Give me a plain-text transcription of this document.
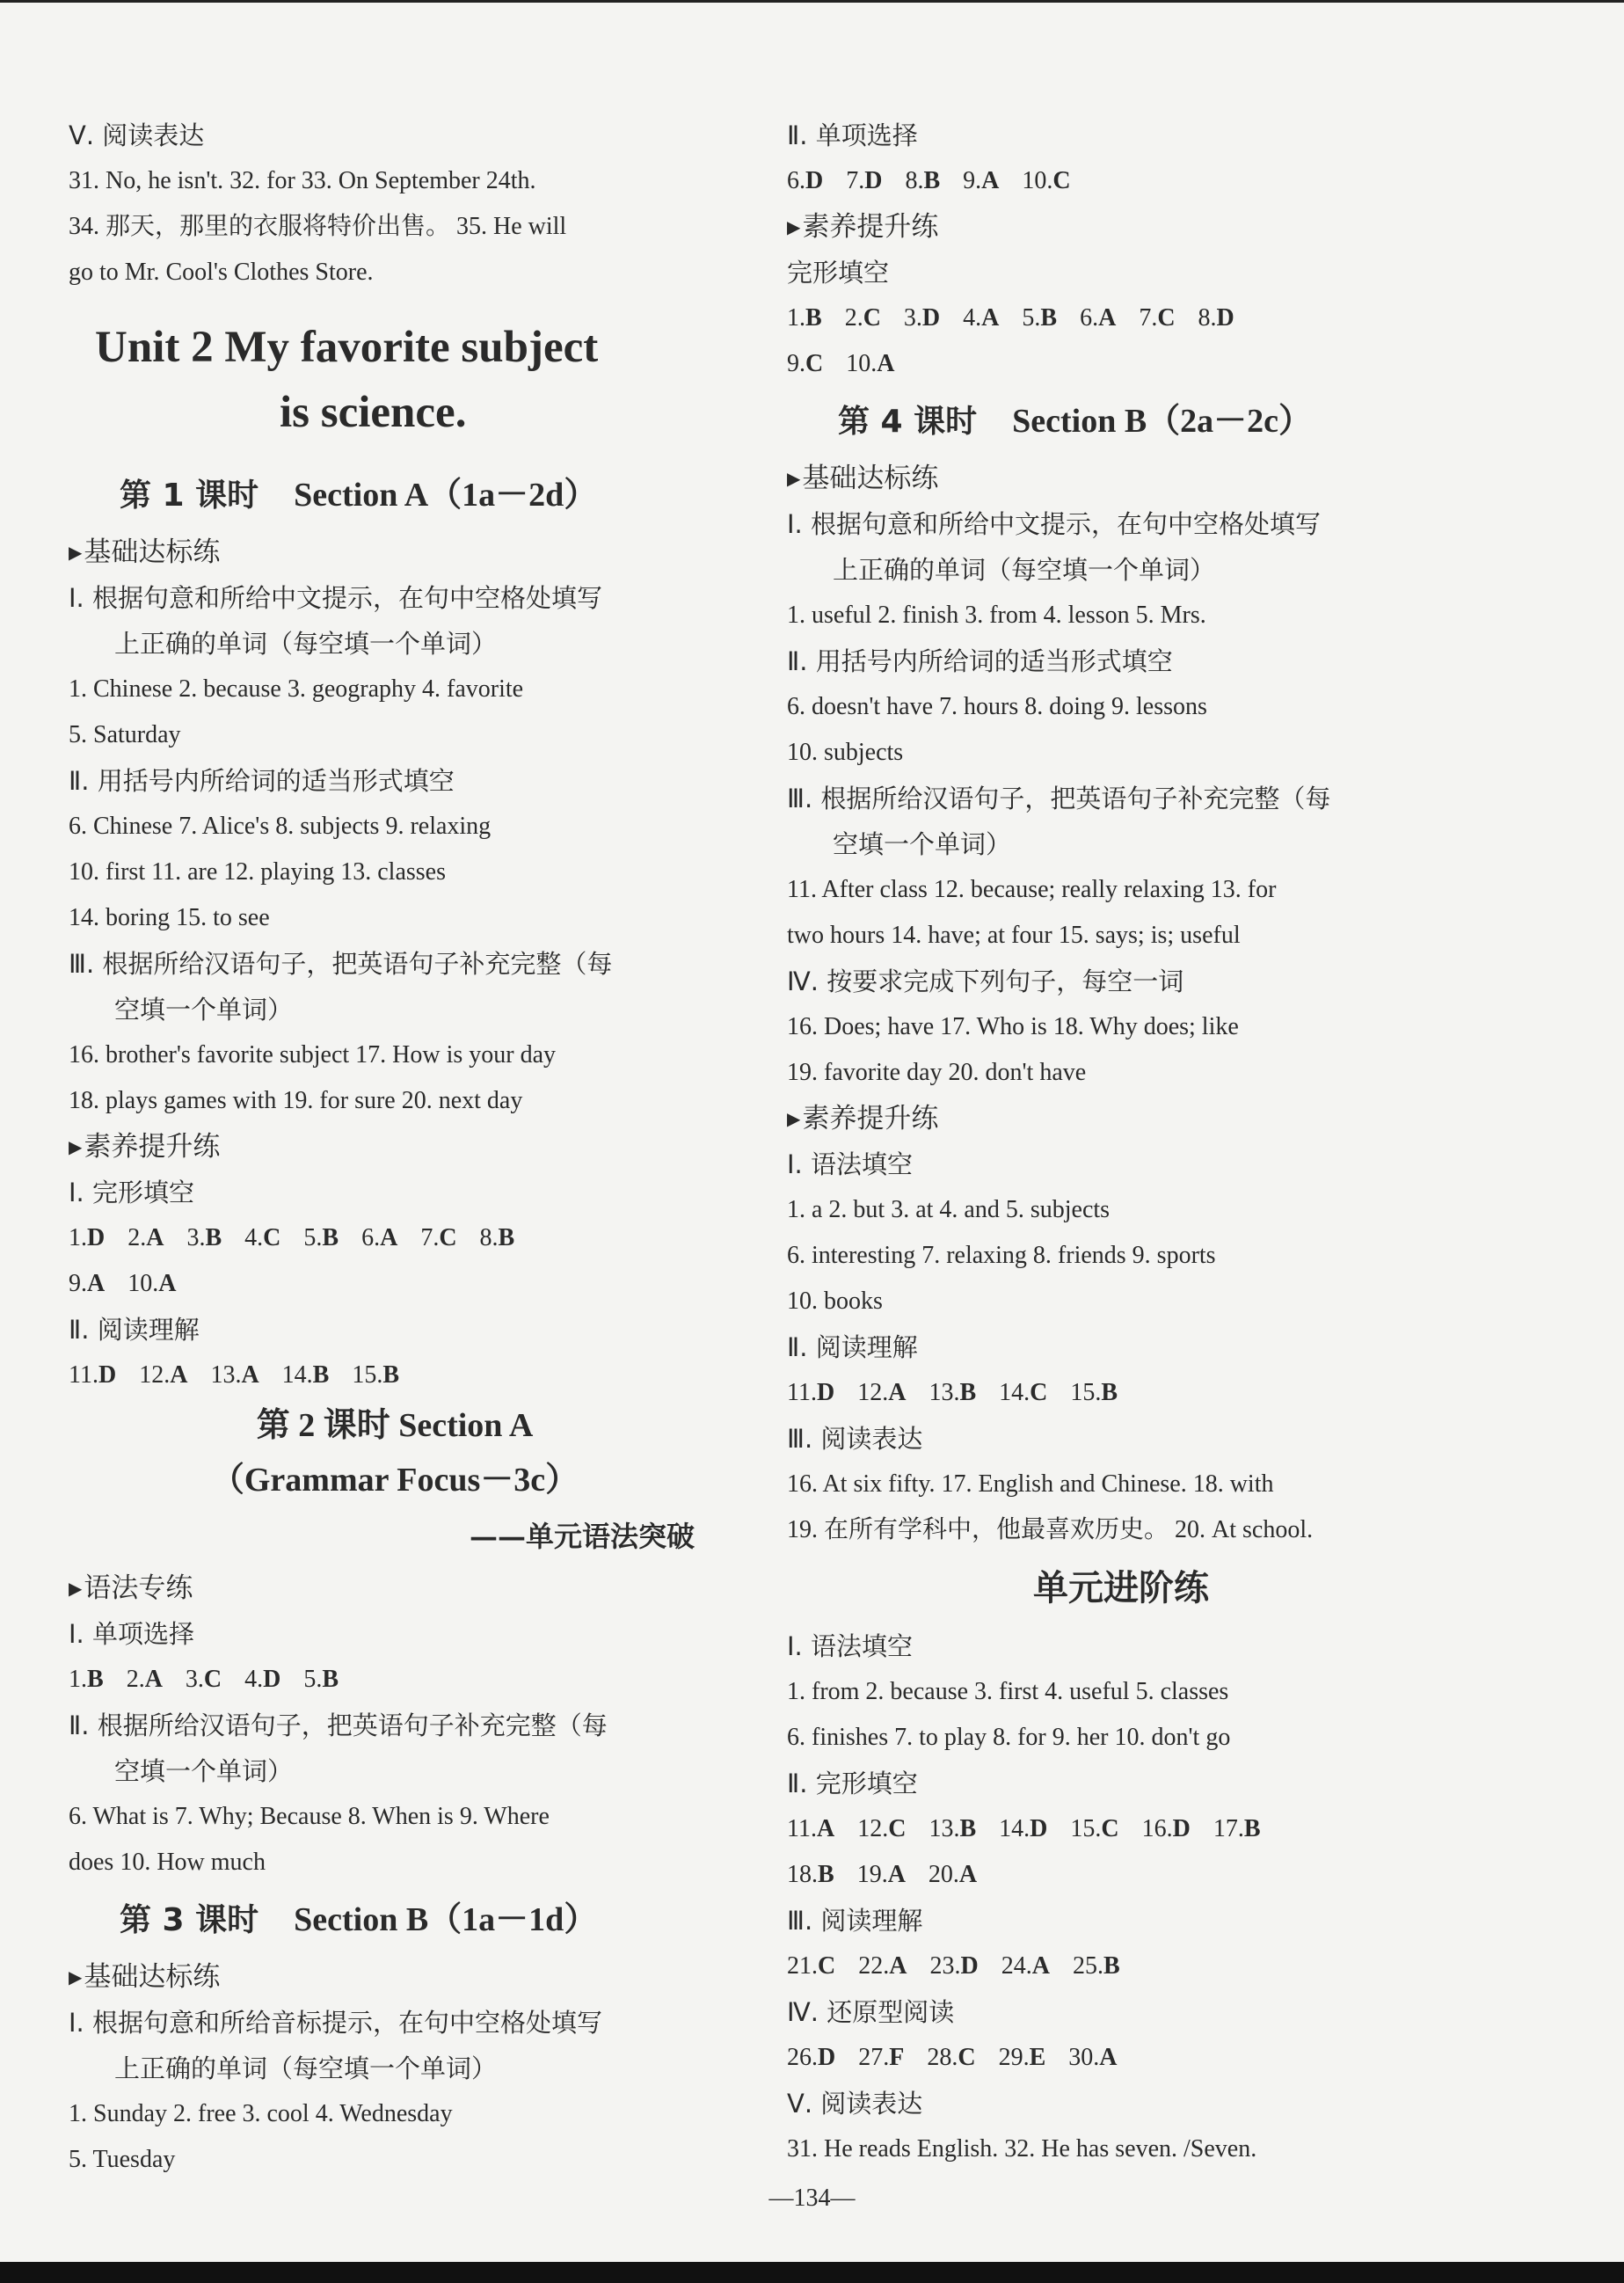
Ⅴ. 阅读表达
31. No, he isn't. 32. for 33. On September 24th.
34. 那天，那里的衣服将特价出售。 35. He will
go to Mr. Cool's Clothes Store.
Unit 2 My favorite subject
is science.
第 1 课时 Section A（1a－2d）
▶基础达标练
Ⅰ. 根据句意和所给中文提示，在句中空格处填写
上正确的单词（每空填一个单词）
1. Chinese 2. because 3. geography 4. favorite
5. Saturday
Ⅱ. 用括号内所给词的适当形式填空
6. Chinese 7. Alice's 8. subjects 9. relaxing
10. first 11. are 12. playing 13. classes
14. boring 15. to see
Ⅲ. 根据所给汉语句子，把英语句子补充完整（每
空填一个单词）
16. brother's favorite subject 17. How is your day
18. plays games with 19. for sure 20. next day
▶素养提升练
Ⅰ. 完形填空
1.D 2.A 3.B 4.C 5.B 6.A 7.C 8.B
9.A 10.A
Ⅱ. 阅读理解
11.D 12.A 13.A 14.B 15.B
第 2 课时 Section A
（Grammar Focus－3c）
——单元语法突破
▶语法专练
Ⅰ. 单项选择
1.B 2.A 3.C 4.D 5.B
Ⅱ. 根据所给汉语句子，把英语句子补充完整（每
空填一个单词）
6. What is 7. Why; Because 8. When is 9. Where
does 10. How much
第 3 课时 Section B（1a－1d）
▶基础达标练
Ⅰ. 根据句意和所给音标提示，在句中空格处填写
上正确的单词（每空填一个单词）
1. Sunday 2. free 3. cool 4. Wednesday
5. Tuesday
Ⅱ. 单项选择
6.D 7.D 8.B 9.A 10.C
▶素养提升练
完形填空
1.B 2.C 3.D 4.A 5.B 6.A 7.C 8.D
9.C 10.A
第 4 课时 Section B（2a－2c）
▶基础达标练
Ⅰ. 根据句意和所给中文提示，在句中空格处填写
上正确的单词（每空填一个单词）
1. useful 2. finish 3. from 4. lesson 5. Mrs.
Ⅱ. 用括号内所给词的适当形式填空
6. doesn't have 7. hours 8. doing 9. lessons
10. subjects
Ⅲ. 根据所给汉语句子，把英语句子补充完整（每
空填一个单词）
11. After class 12. because; really relaxing 13. for
two hours 14. have; at four 15. says; is; useful
Ⅳ. 按要求完成下列句子，每空一词
16. Does; have 17. Who is 18. Why does; like
19. favorite day 20. don't have
▶素养提升练
Ⅰ. 语法填空
1. a 2. but 3. at 4. and 5. subjects
6. interesting 7. relaxing 8. friends 9. sports
10. books
Ⅱ. 阅读理解
11.D 12.A 13.B 14.C 15.B
Ⅲ. 阅读表达
16. At six fifty. 17. English and Chinese. 18. with
19. 在所有学科中，他最喜欢历史。 20. At school.
单元进阶练
Ⅰ. 语法填空
1. from 2. because 3. first 4. useful 5. classes
6. finishes 7. to play 8. for 9. her 10. don't go
Ⅱ. 完形填空
11.A 12.C 13.B 14.D 15.C 16.D 17.B
18.B 19.A 20.A
Ⅲ. 阅读理解
21.C 22.A 23.D 24.A 25.B
Ⅳ. 还原型阅读
26.D 27.F 28.C 29.E 30.A
Ⅴ. 阅读表达
31. He reads English. 32. He has seven. /Seven.
—134—
